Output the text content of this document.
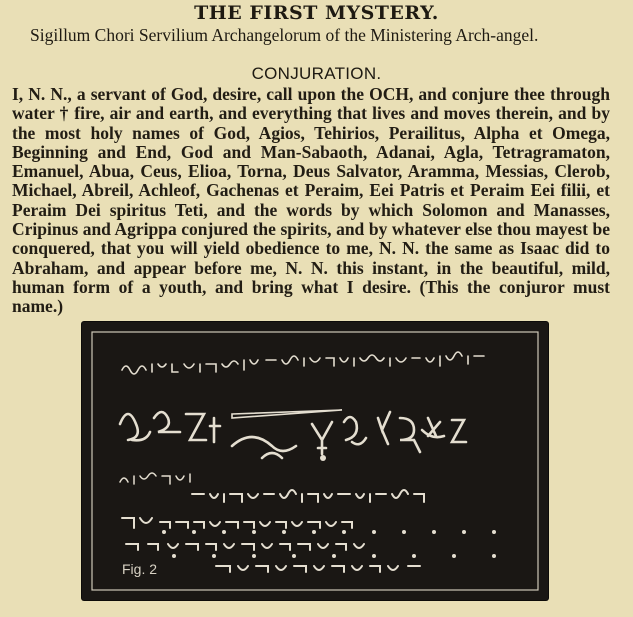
THE FIRST MYSTERY.
Sigillum Chori Servilium Archangelorum of the Ministering Arch-angel.
CONJURATION.
I, N. N., a servant of God, desire, call upon the OCH, and conjure thee through water † fire, air and earth, and everything that lives and moves therein, and by the most holy names of God, Agios, Tehirios, Perailitus, Alpha et Omega, Beginning and End, God and Man-Sabaoth, Adanai, Agla, Tetragramaton, Emanuel, Abua, Ceus, Elioa, Torna, Deus Salvator, Aramma, Messias, Clerob, Michael, Abreil, Achleof, Gachenas et Peraim, Eei Patris et Peraim Eei filii, et Peraim Dei spiritus Teti, and the words by which Solomon and Manasses, Cripinus and Agrippa conjured the spirits, and by whatever else thou mayest be conquered, that you will yield obedience to me, N. N. the same as Isaac did to Abraham, and appear before me, N. N. this instant, in the beautiful, mild, human form of a youth, and bring what I desire. (This the conjuror must name.)
Fig. 2
